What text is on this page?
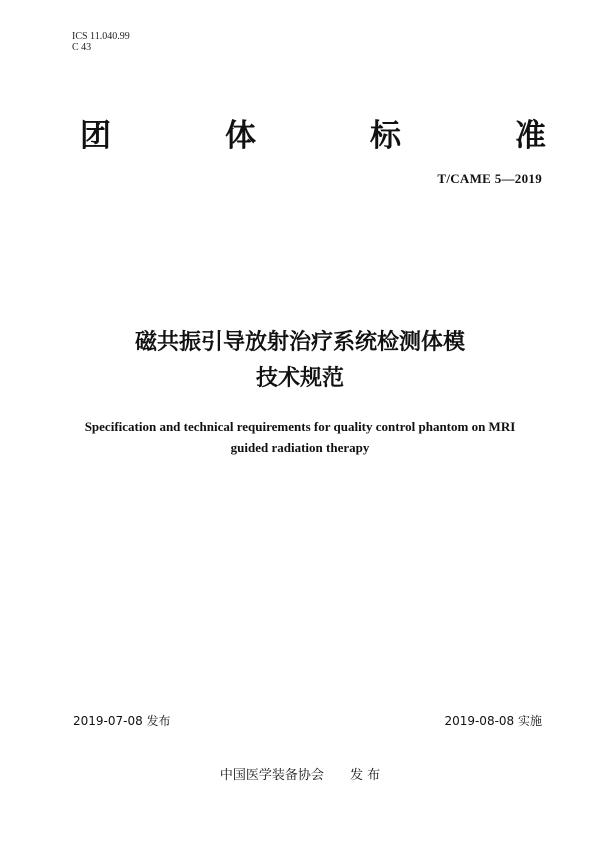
ICS 11.040.99
C 43
团	体	标	准
T/CAME 5—2019
磁共振引导放射治疗系统检测体模
技术规范
Specification and technical requirements for quality control phantom on MRI
guided radiation therapy
2019-07-08 发布	2019-08-08 实施
中国医学装备协会 发 布
